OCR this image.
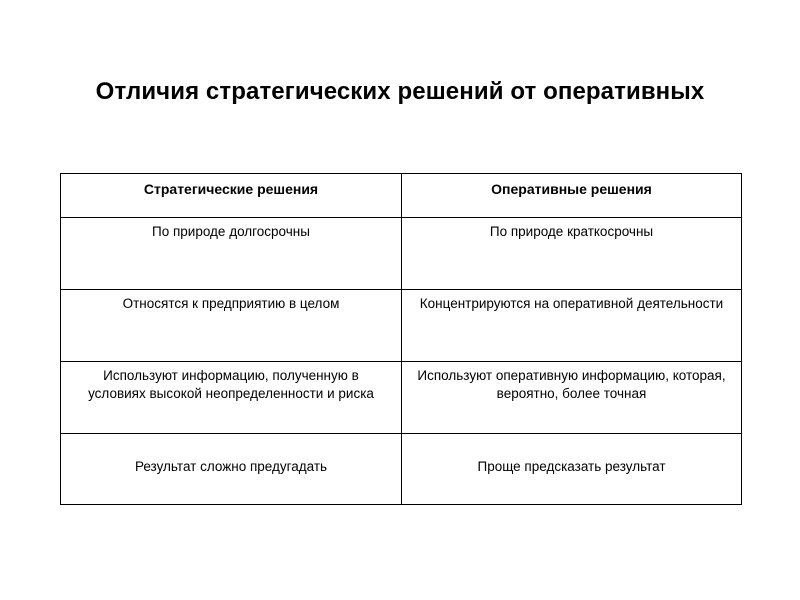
Отличия стратегических решений от оперативных
Стратегические решения	Оперативные решения
По природе долгосрочны	По природе краткосрочны
Относятся к предприятию в целом	Концентрируются на оперативной деятельности
Используют информацию, полученную в условиях высокой неопределенности и риска	Используют оперативную информацию, которая, вероятно, более точная
Результат сложно предугадать	Проще предсказать результат
